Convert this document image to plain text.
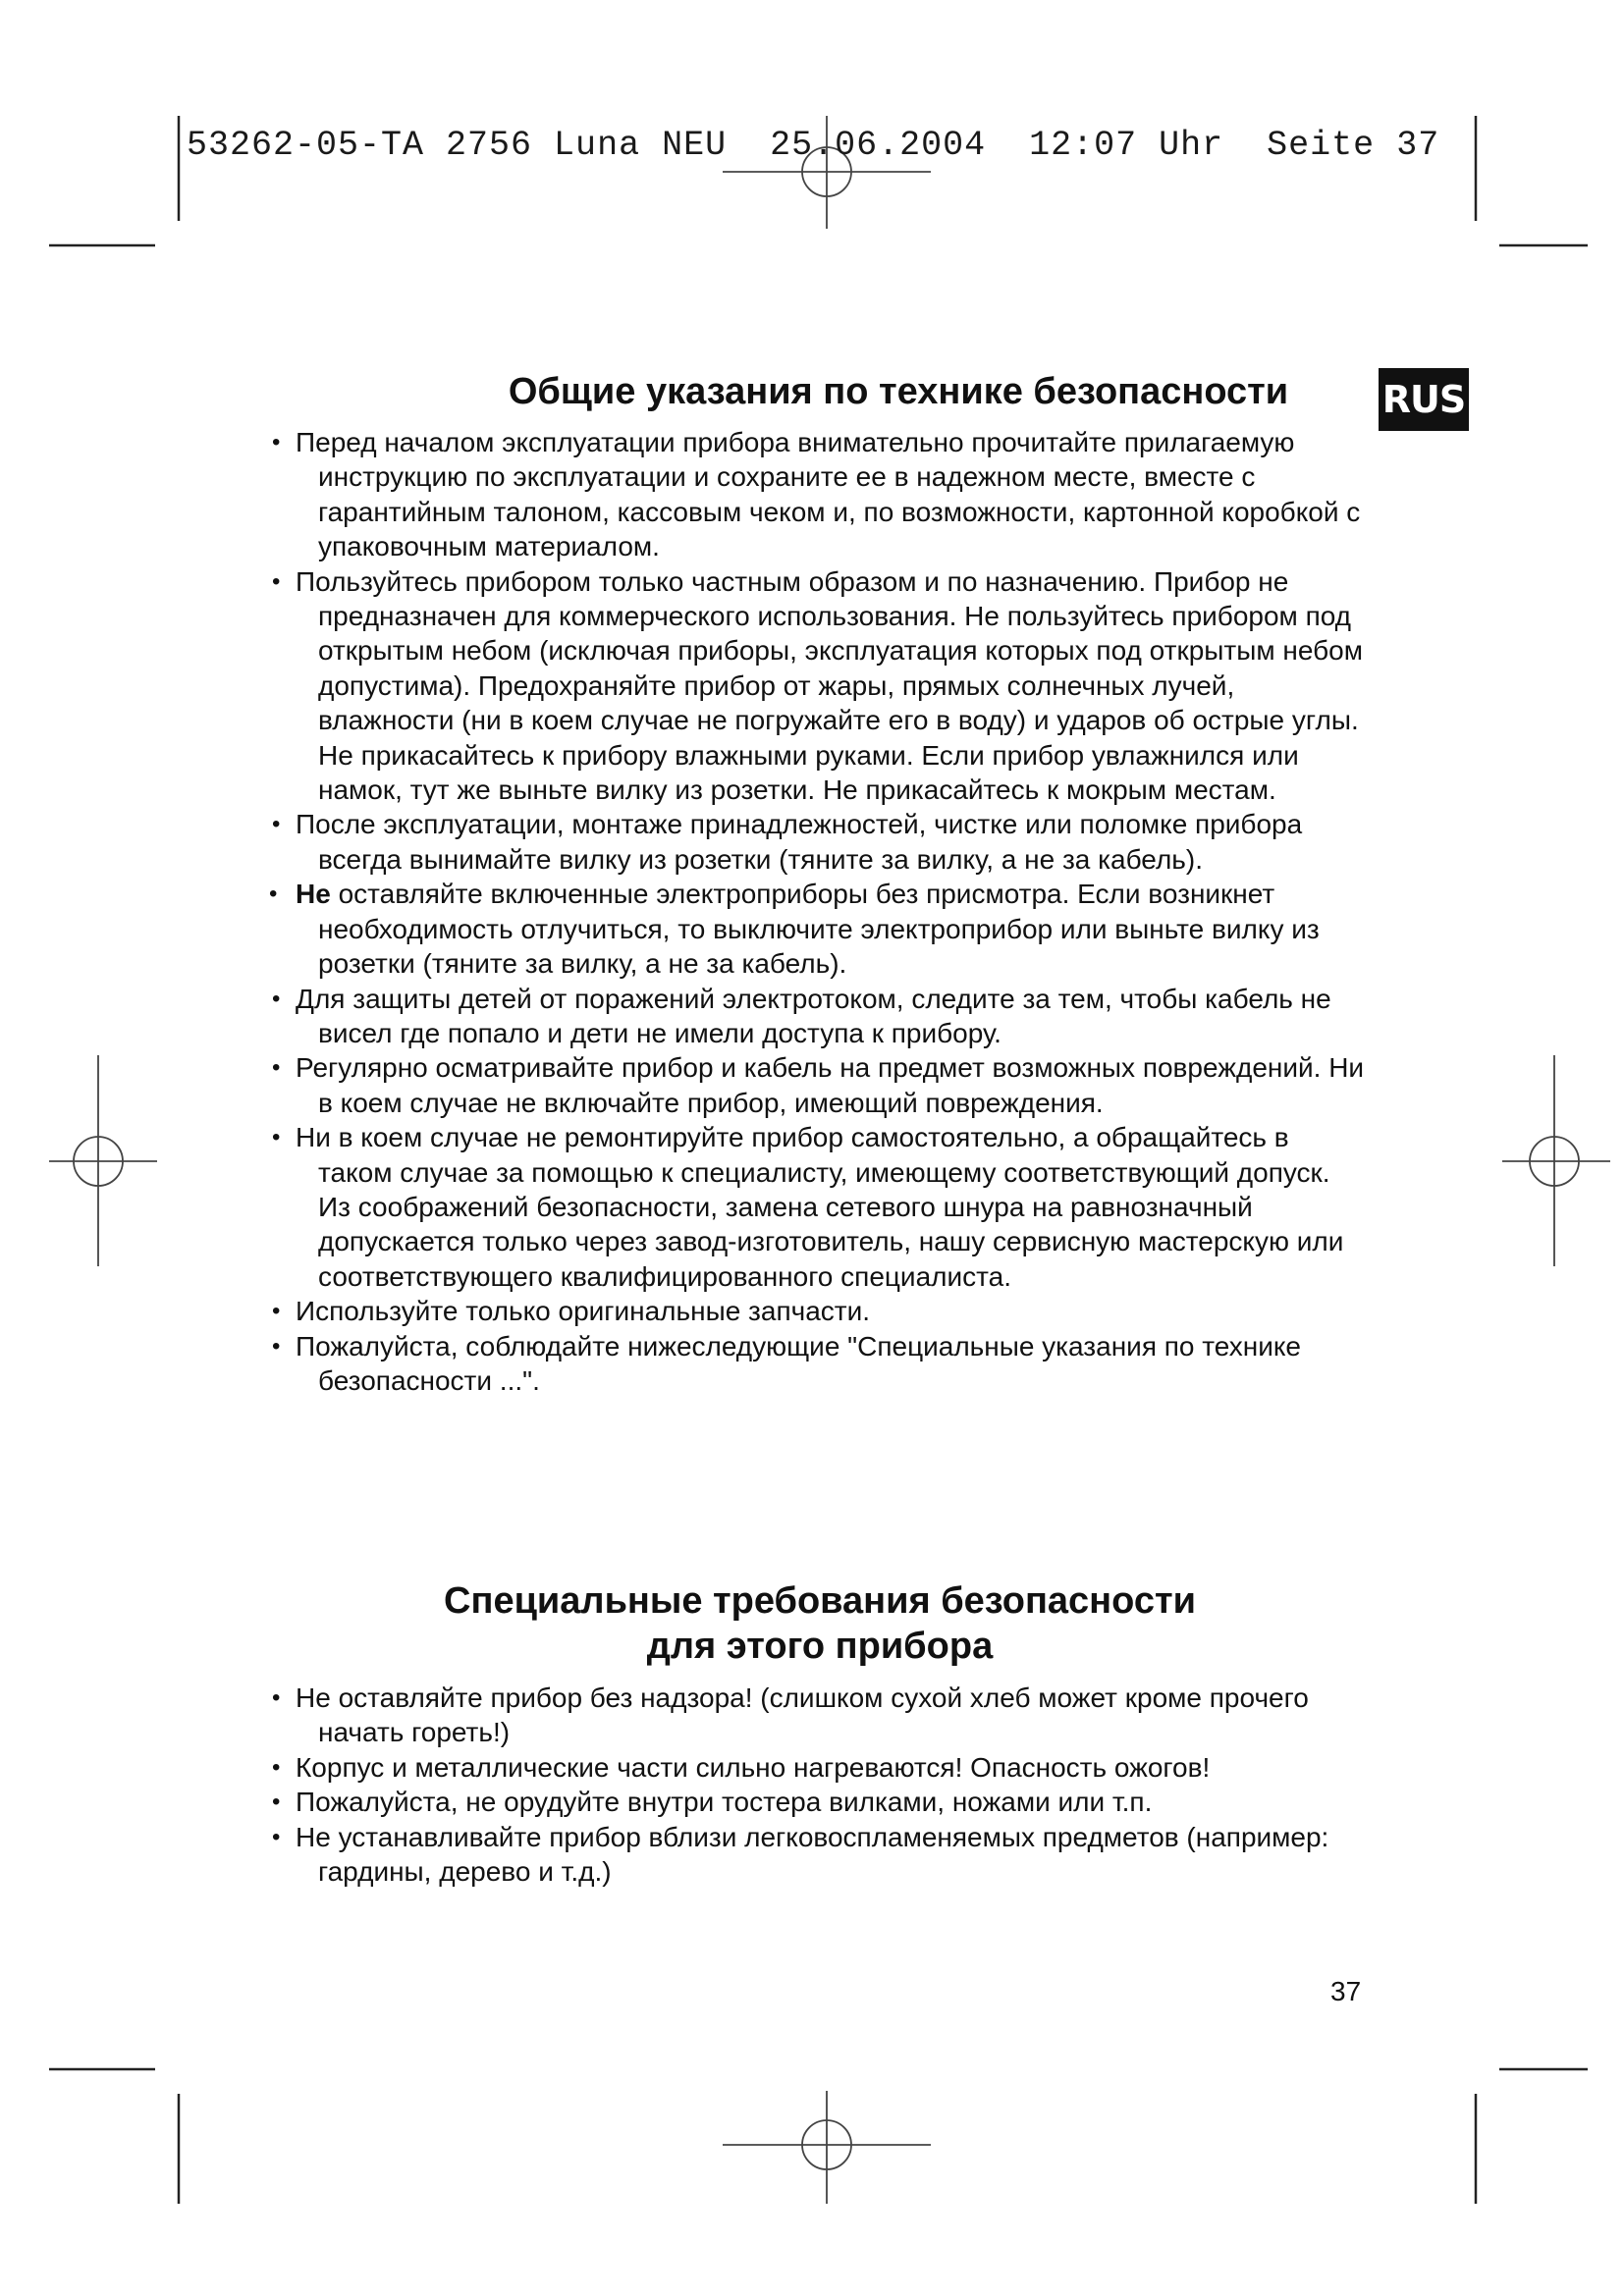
53262-05-TA 2756 Luna NEU  25.06.2004  12:07 Uhr  Seite 37
RUS
Общие указания по технике безопасности
• Перед началом эксплуатации прибора внимательно прочитайте прилагаемую инструкцию по эксплуатации и сохраните ее в надежном месте, вместе с гарантийным талоном, кассовым чеком и, по возможности, картонной коробкой с упаковочным материалом.
• Пользуйтесь прибором только частным образом и по назначению. Прибор не предназначен для коммерческого использования. Не пользуйтесь прибором под открытым небом (исключая приборы, эксплуатация которых под открытым небом допустима). Предохраняйте прибор от жары, прямых солнечных лучей, влажности (ни в коем случае не погружайте его в воду) и ударов об острые углы. Не прикасайтесь к прибору влажными руками. Если прибор увлажнился или намок, тут же выньте вилку из розетки. Не прикасайтесь к мокрым местам.
• После эксплуатации, монтаже принадлежностей, чистке или поломке прибора всегда вынимайте вилку из розетки (тяните за вилку, а не за кабель).
• Не оставляйте включенные электроприборы без присмотра. Если возникнет необходимость отлучиться, то выключите электроприбор или выньте вилку из розетки (тяните за вилку, а не за кабель).
• Для защиты детей от поражений электротоком, следите за тем, чтобы кабель не висел где попало и дети не имели доступа к прибору.
• Регулярно осматривайте прибор и кабель на предмет возможных повреждений. Ни в коем случае не включайте прибор, имеющий повреждения.
• Ни в коем случае не ремонтируйте прибор самостоятельно, а обращайтесь в таком случае за помощью к специалисту, имеющему соответствующий допуск. Из соображений безопасности, замена сетевого шнура на равнозначный допускается только через завод-изготовитель, нашу сервисную мастерскую или соответствующего квалифицированного специалиста.
• Используйте только оригинальные запчасти.
• Пожалуйста, соблюдайте нижеследующие "Специальные указания по технике безопасности ...".
Специальные требования безопасности
для этого прибора
• Не оставляйте прибор без надзора! (слишком сухой хлеб может кроме прочего начать гореть!)
• Корпус и металлические части сильно нагреваются! Опасность ожогов!
• Пожалуйста, не орудуйте внутри тостера вилками, ножами или т.п.
• Не устанавливайте прибор вблизи легковоспламеняемых предметов (например: гардины, дерево и т.д.)
37
